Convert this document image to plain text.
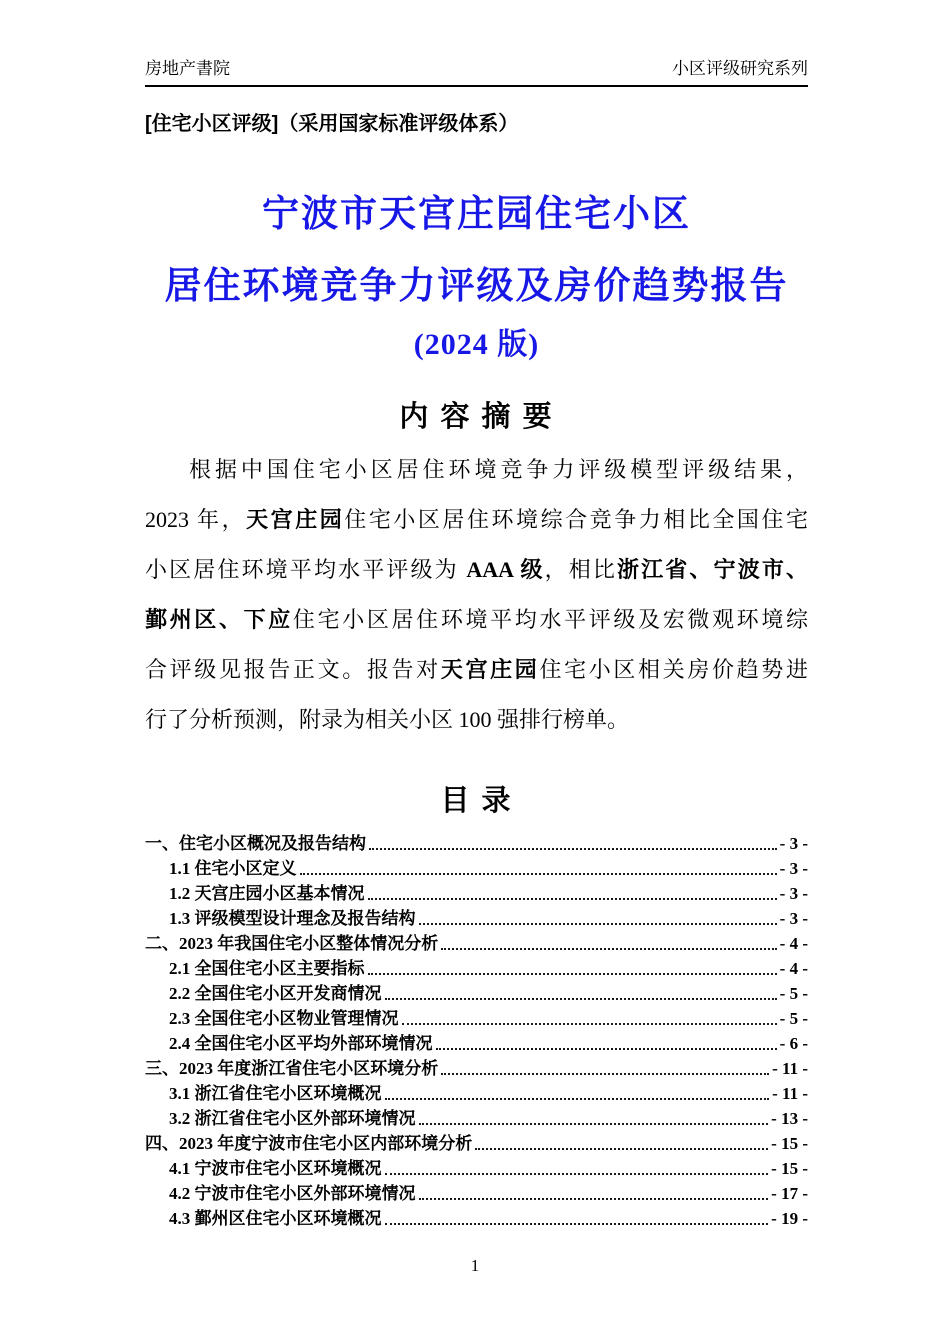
房地产書院	小区评级研究系列
[住宅小区评级]（采用国家标准评级体系）
宁波市天宫庄园住宅小区
居住环境竞争力评级及房价趋势报告
(2024 版)
内 容 摘 要
根据中国住宅小区居住环境竞争力评级模型评级结果，
2023 年，天宫庄园住宅小区居住环境综合竞争力相比全国住宅
小区居住环境平均水平评级为 AAA 级，相比浙江省、宁波市、
鄞州区、下应住宅小区居住环境平均水平评级及宏微观环境综
合评级见报告正文。报告对天宫庄园住宅小区相关房价趋势进
行了分析预测，附录为相关小区 100 强排行榜单。
目 录
一、住宅小区概况及报告结构	- 3 -
1.1 住宅小区定义	- 3 -
1.2 天宫庄园小区基本情况	- 3 -
1.3 评级模型设计理念及报告结构	- 3 -
二、2023 年我国住宅小区整体情况分析	- 4 -
2.1 全国住宅小区主要指标	- 4 -
2.2 全国住宅小区开发商情况	- 5 -
2.3 全国住宅小区物业管理情况	- 5 -
2.4 全国住宅小区平均外部环境情况	- 6 -
三、2023 年度浙江省住宅小区环境分析	- 11 -
3.1 浙江省住宅小区环境概况	- 11 -
3.2 浙江省住宅小区外部环境情况	- 13 -
四、2023 年度宁波市住宅小区内部环境分析	- 15 -
4.1 宁波市住宅小区环境概况	- 15 -
4.2 宁波市住宅小区外部环境情况	- 17 -
4.3 鄞州区住宅小区环境概况	- 19 -
1
